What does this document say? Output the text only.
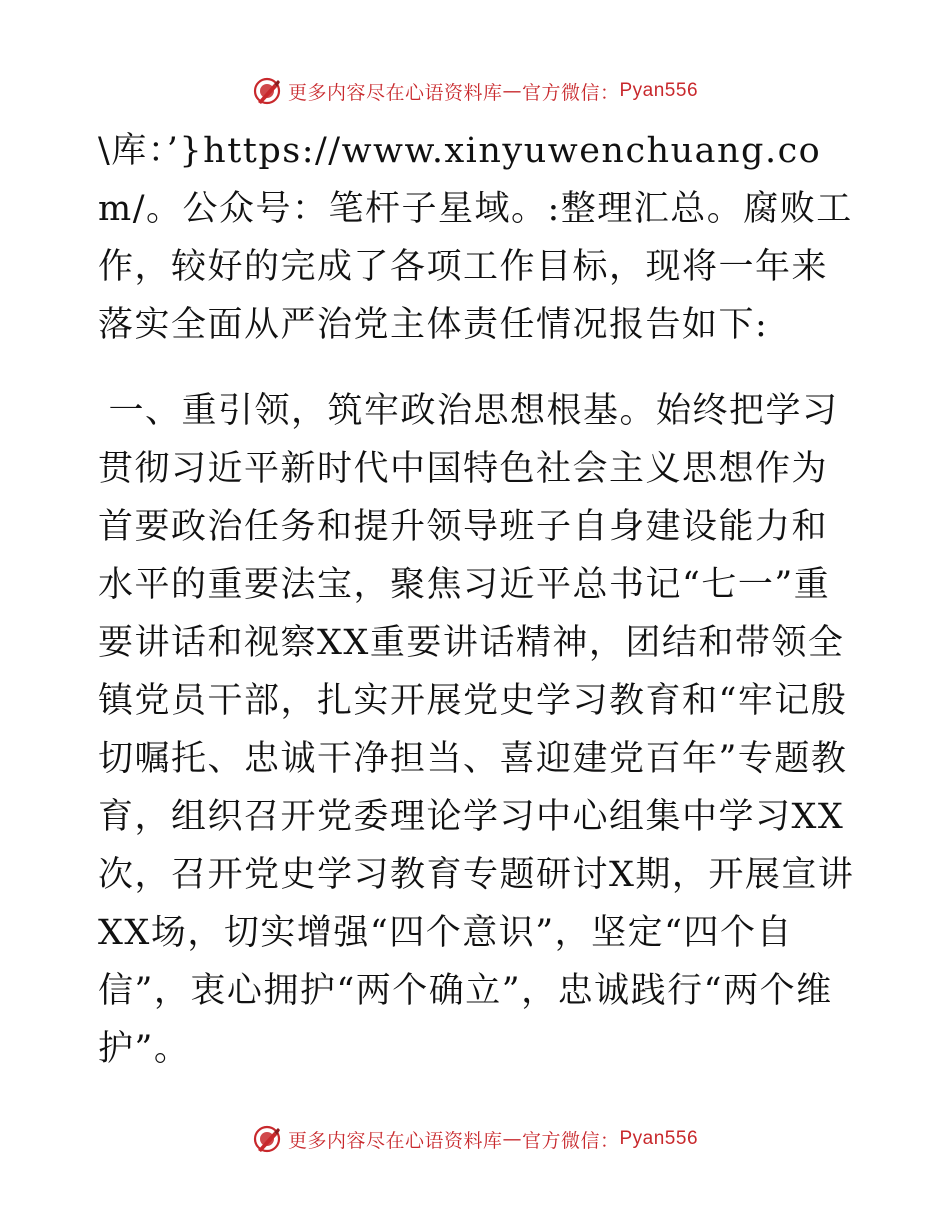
更多内容尽在心语资料库 — 官方微信： Pyan556

\库：’}https://www.xinyuwenchuang.com/。公众号：笔杆子星域。:整理汇总。腐败工作，较好的完成了各项工作目标，现将一年来落实全面从严治党主体责任情况报告如下:

一、重引领，筑牢政治思想根基。始终把学习贯彻习近平新时代中国特色社会主义思想作为首要政治任务和提升领导班子自身建设能力和水平的重要法宝，聚焦习近平总书记“七一”重要讲话和视察XX重要讲话精神，团结和带领全镇党员干部，扎实开展党史学习教育和“牢记殷切嘱托、忠诚干净担当、喜迎建党百年”专题教育，组织召开党委理论学习中心组集中学习XX次，召开党史学习教育专题研讨X期，开展宣讲XX场，切实增强“四个意识”，坚定“四个自信”，衷心拥护“两个确立”，忠诚践行“两个维护”。

更多内容尽在心语资料库 — 官方微信： Pyan556
